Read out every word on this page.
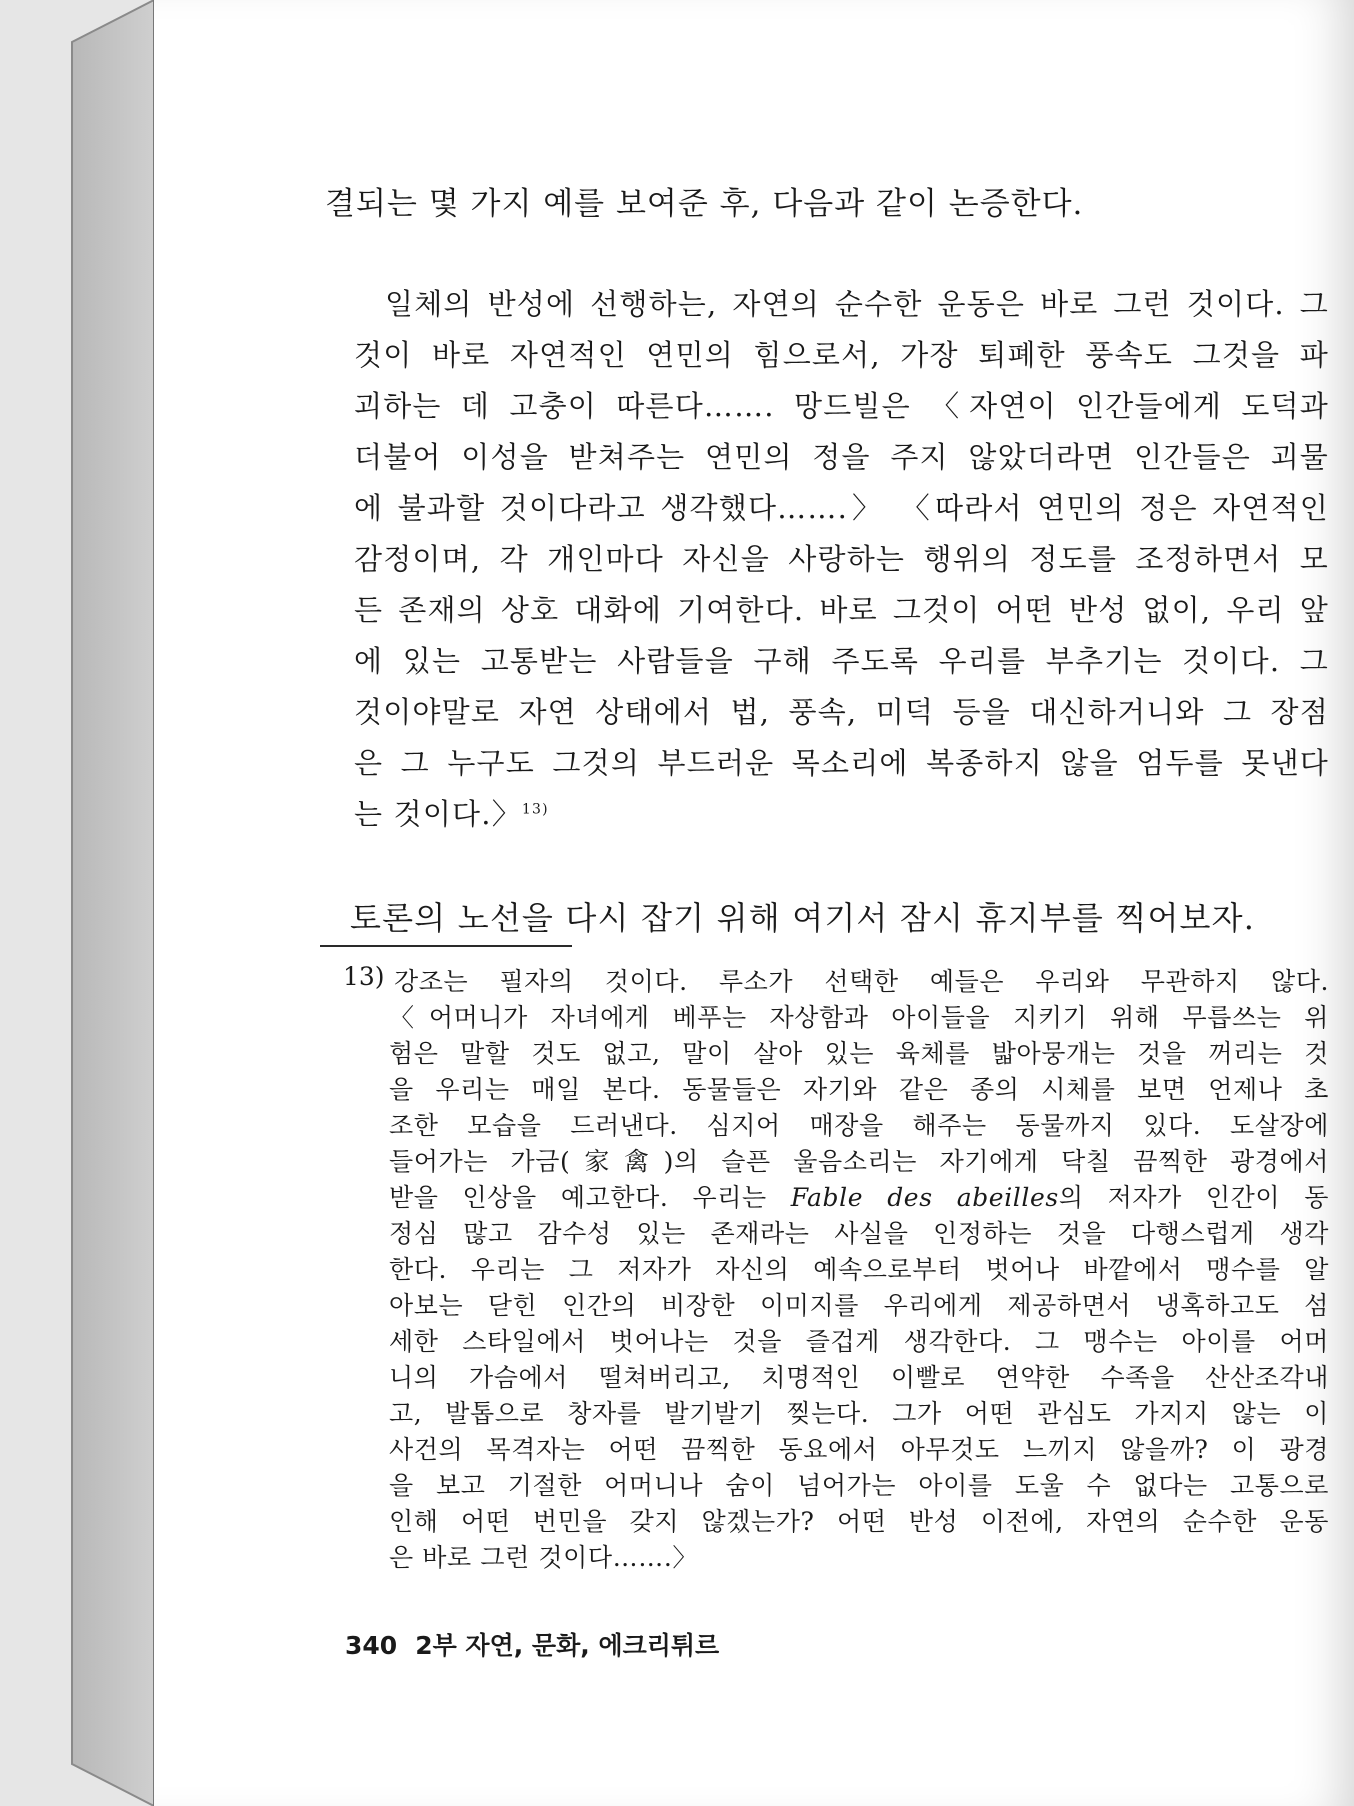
결되는 몇 가지 예를 보여준 후, 다음과 같이 논증한다.
일체의 반성에 선행하는, 자연의 순수한 운동은 바로 그런 것이다. 그
것이 바로 자연적인 연민의 힘으로서, 가장 퇴폐한 풍속도 그것을 파
괴하는 데 고충이 따른다……. 망드빌은 〈자연이 인간들에게 도덕과
더불어 이성을 받쳐주는 연민의 정을 주지 않았더라면 인간들은 괴물
에 불과할 것이다라고 생각했다…….〉 〈따라서 연민의 정은 자연적인
감정이며, 각 개인마다 자신을 사랑하는 행위의 정도를 조정하면서 모
든 존재의 상호 대화에 기여한다. 바로 그것이 어떤 반성 없이, 우리 앞
에 있는 고통받는 사람들을 구해 주도록 우리를 부추기는 것이다. 그
것이야말로 자연 상태에서 법, 풍속, 미덕 등을 대신하거니와 그 장점
은 그 누구도 그것의 부드러운 목소리에 복종하지 않을 엄두를 못낸다
는 것이다.〉$^{13)}$
토론의 노선을 다시 잡기 위해 여기서 잠시 휴지부를 찍어보자.
13) 강조는 필자의 것이다. 루소가 선택한 예들은 우리와 무관하지 않다.
〈어머니가 자녀에게 베푸는 자상함과 아이들을 지키기 위해 무릅쓰는 위
험은 말할 것도 없고, 말이 살아 있는 육체를 밟아뭉개는 것을 꺼리는 것
을 우리는 매일 본다. 동물들은 자기와 같은 종의 시체를 보면 언제나 초
조한 모습을 드러낸다. 심지어 매장을 해주는 동물까지 있다. 도살장에
들어가는 가금(家禽)의 슬픈 울음소리는 자기에게 닥칠 끔찍한 광경에서
받을 인상을 예고한다. 우리는 Fable des abeilles의 저자가 인간이 동
정심 많고 감수성 있는 존재라는 사실을 인정하는 것을 다행스럽게 생각
한다. 우리는 그 저자가 자신의 예속으로부터 벗어나 바깥에서 맹수를 알
아보는 닫힌 인간의 비장한 이미지를 우리에게 제공하면서 냉혹하고도 섬
세한 스타일에서 벗어나는 것을 즐겁게 생각한다. 그 맹수는 아이를 어머
니의 가슴에서 떨쳐버리고, 치명적인 이빨로 연약한 수족을 산산조각내
고, 발톱으로 창자를 발기발기 찢는다. 그가 어떤 관심도 가지지 않는 이
사건의 목격자는 어떤 끔찍한 동요에서 아무것도 느끼지 않을까? 이 광경
을 보고 기절한 어머니나 숨이 넘어가는 아이를 도울 수 없다는 고통으로
인해 어떤 번민을 갖지 않겠는가? 어떤 반성 이전에, 자연의 순수한 운동
은 바로 그런 것이다…….〉
340 2부 자연, 문화, 에크리튀르
